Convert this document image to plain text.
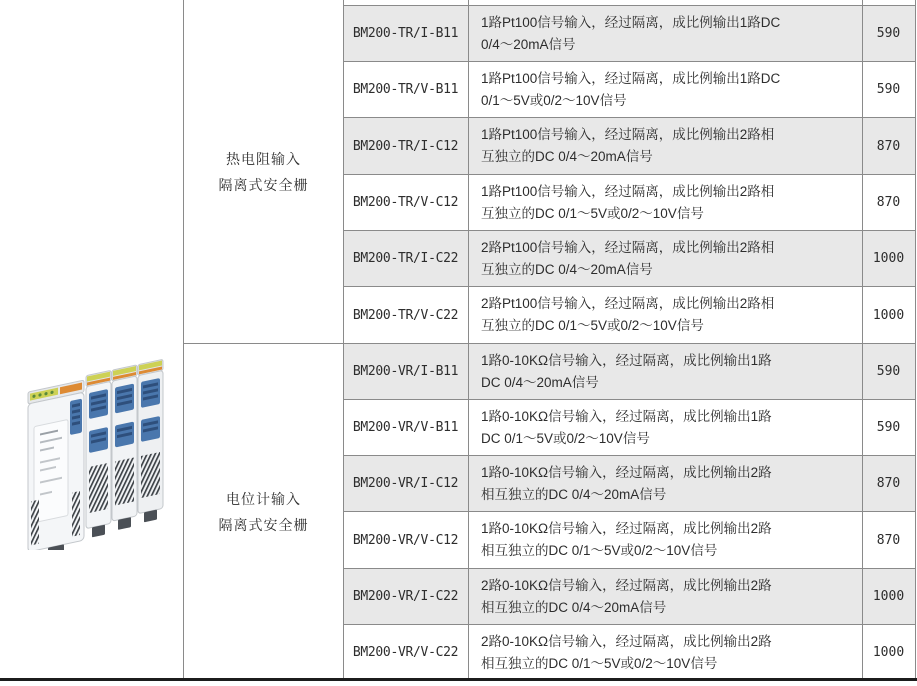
热电阻输入
隔离式安全栅
电位计输入
隔离式安全栅
BM200-TR/I-B11
1路Pt100信号输入，经过隔离，成比例输出1路DC
0/4～20mA信号
590
BM200-TR/V-B11
1路Pt100信号输入，经过隔离，成比例输出1路DC
0/1～5V或0/2～10V信号
590
BM200-TR/I-C12
1路Pt100信号输入，经过隔离，成比例输出2路相
互独立的DC 0/4～20mA信号
870
BM200-TR/V-C12
1路Pt100信号输入，经过隔离，成比例输出2路相
互独立的DC 0/1～5V或0/2～10V信号
870
BM200-TR/I-C22
2路Pt100信号输入，经过隔离，成比例输出2路相
互独立的DC 0/4～20mA信号
1000
BM200-TR/V-C22
2路Pt100信号输入，经过隔离，成比例输出2路相
互独立的DC 0/1～5V或0/2～10V信号
1000
BM200-VR/I-B11
1路0-10KΩ信号输入，经过隔离，成比例输出1路
DC 0/4～20mA信号
590
BM200-VR/V-B11
1路0-10KΩ信号输入，经过隔离，成比例输出1路
DC 0/1～5V或0/2～10V信号
590
BM200-VR/I-C12
1路0-10KΩ信号输入，经过隔离，成比例输出2路
相互独立的DC 0/4～20mA信号
870
BM200-VR/V-C12
1路0-10KΩ信号输入，经过隔离，成比例输出2路
相互独立的DC 0/1～5V或0/2～10V信号
870
BM200-VR/I-C22
2路0-10KΩ信号输入，经过隔离，成比例输出2路
相互独立的DC 0/4～20mA信号
1000
BM200-VR/V-C22
2路0-10KΩ信号输入，经过隔离，成比例输出2路
相互独立的DC 0/1～5V或0/2～10V信号
1000
